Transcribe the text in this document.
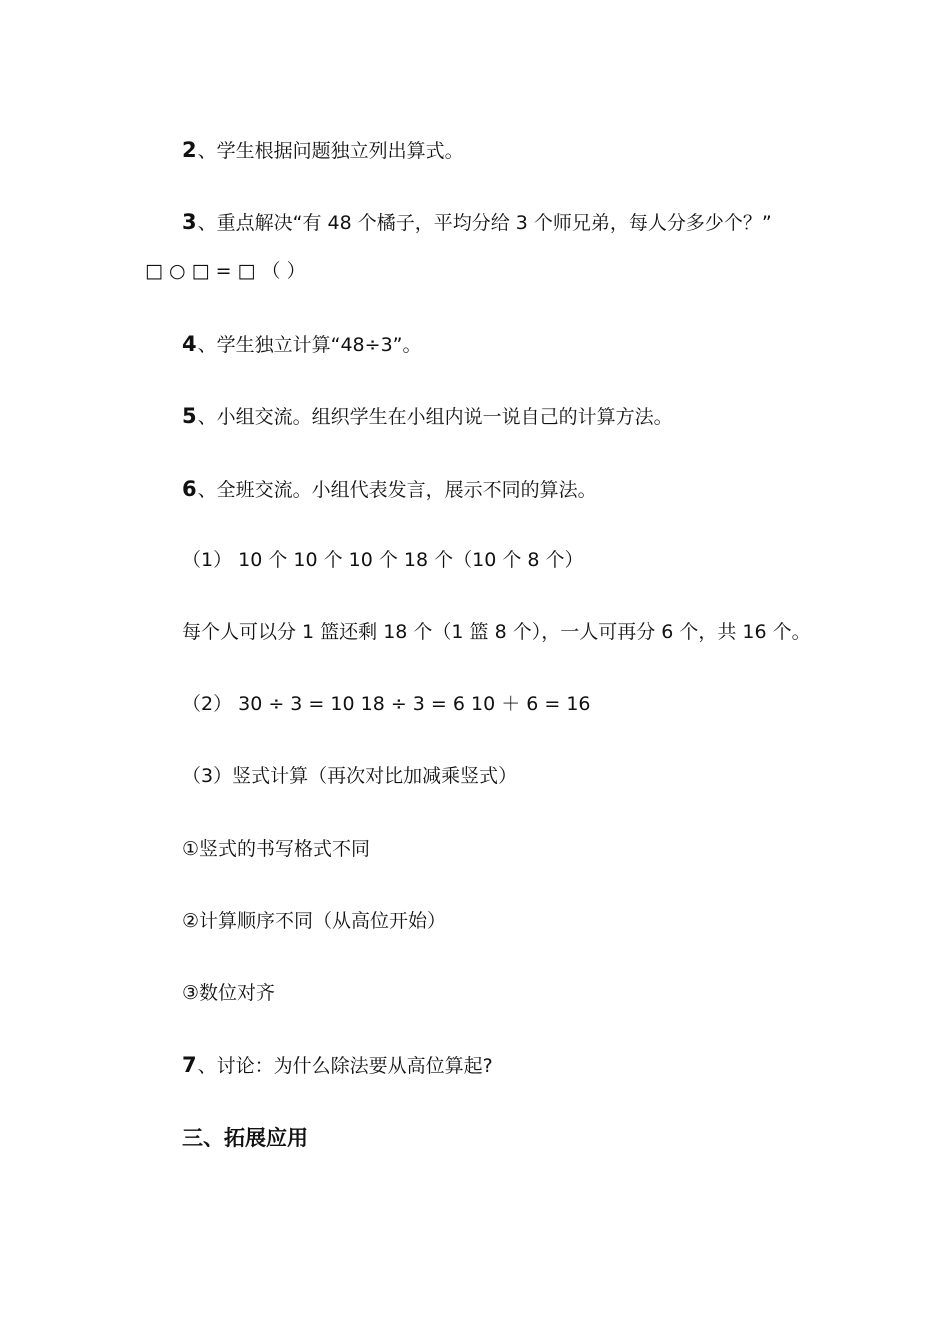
2、学生根据问题独立列出算式。
3、重点解决“有 48 个橘子，平均分给 3 个师兄弟，每人分多少个？”
□ ○ □ = □ （ ）
4、学生独立计算“48÷3”。
5、小组交流。组织学生在小组内说一说自己的计算方法。
6、全班交流。小组代表发言，展示不同的算法。
（1） 10 个 10 个 10 个 18 个（10 个 8 个）
每个人可以分 1 篮还剩 18 个（1 篮 8 个），一人可再分 6 个，共 16 个。
（2） 30 ÷ 3 = 10 18 ÷ 3 = 6 10 ＋ 6 = 16
（3）竖式计算（再次对比加减乘竖式）
①竖式的书写格式不同
②计算顺序不同（从高位开始）
③数位对齐
7、讨论：为什么除法要从高位算起?
三、拓展应用
